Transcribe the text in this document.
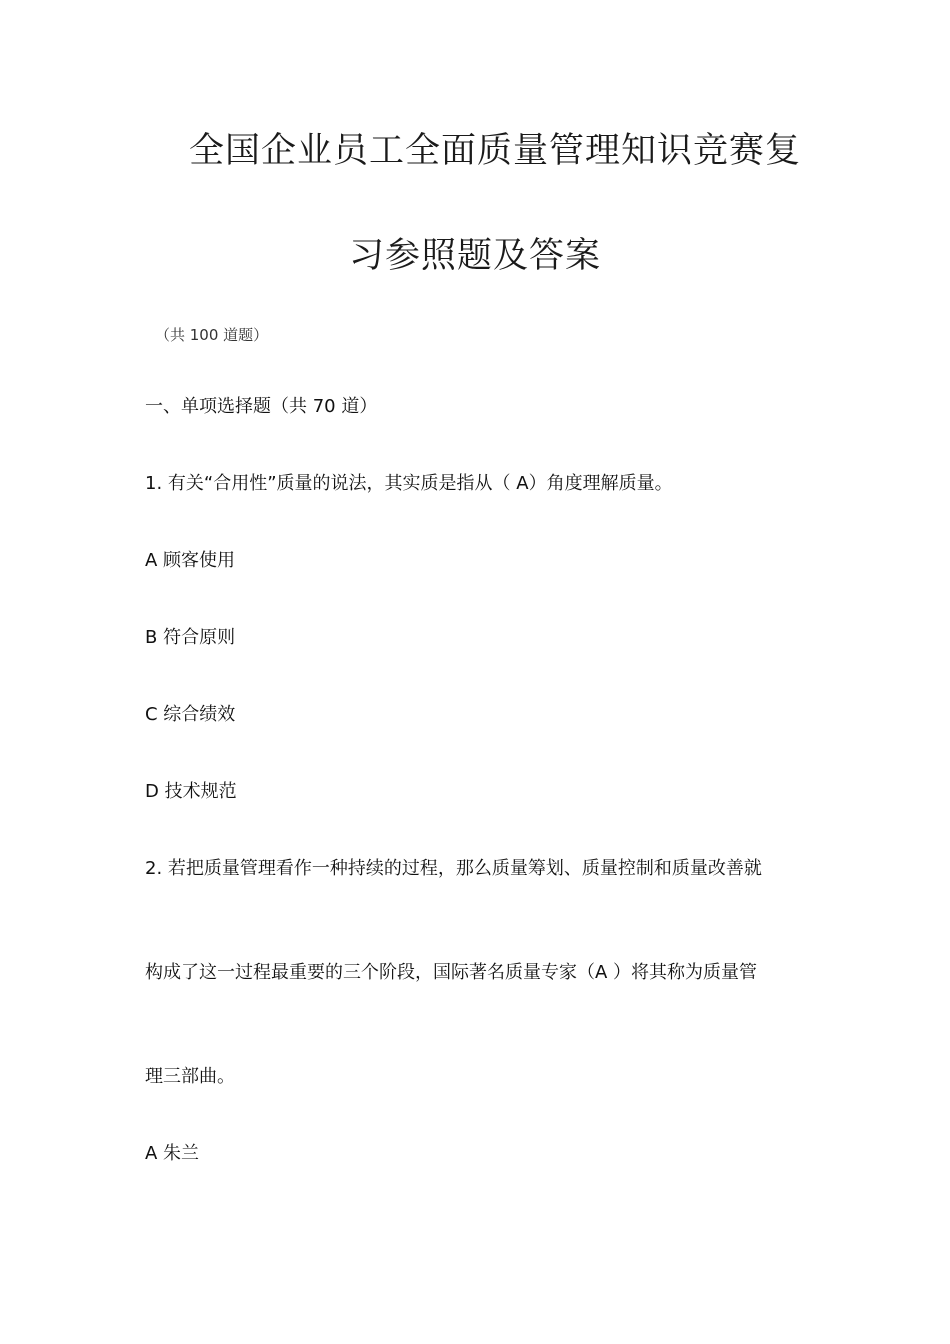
全国企业员工全面质量管理知识竞赛复
习参照题及答案
（共 100 道题）
一、单项选择题（共 70 道）
1. 有关“合用性”质量的说法，其实质是指从（ A）角度理解质量。
A 顾客使用
B 符合原则
C 综合绩效
D 技术规范
2. 若把质量管理看作一种持续的过程，那么质量筹划、质量控制和质量改善就
构成了这一过程最重要的三个阶段，国际著名质量专家（A ）将其称为质量管
理三部曲。
A 朱兰
